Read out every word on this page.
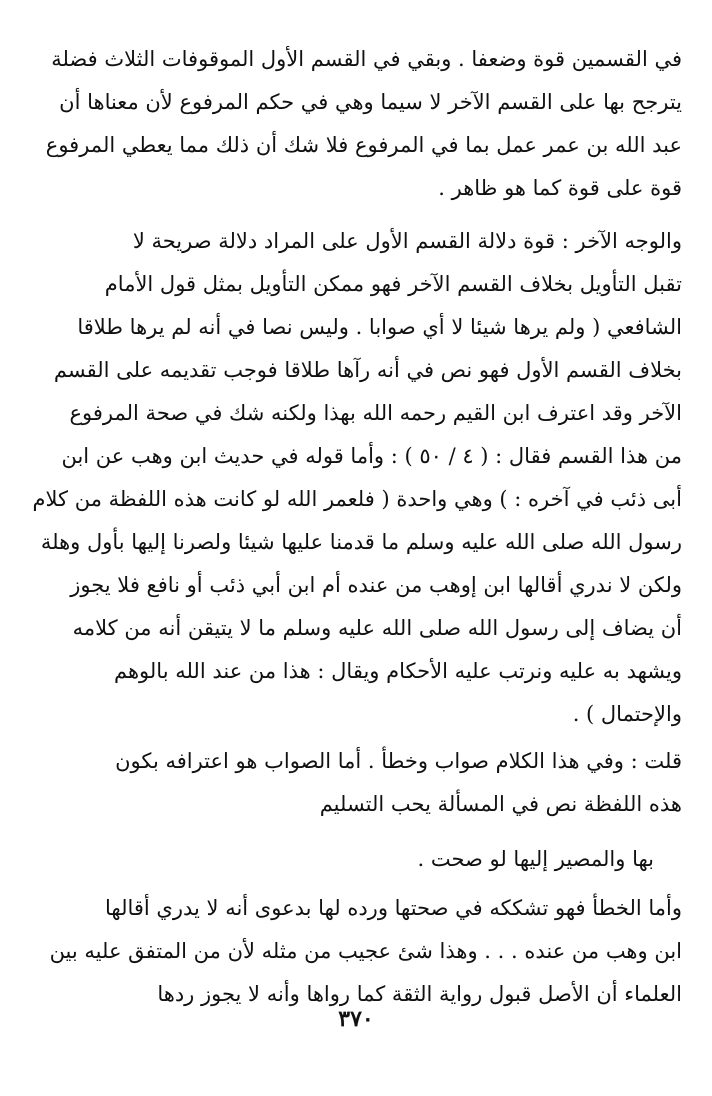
في القسمين قوة وضعفا . وبقي في القسم الأول الموقوفات الثلاث فضلة
يترجح بها على القسم الآخر لا سيما وهي في حكم المرفوع لأن معناها أن
عبد الله بن عمر عمل بما في المرفوع فلا شك أن ذلك مما يعطي المرفوع
قوة على قوة كما هو ظاهر .
والوجه الآخر : قوة دلالة القسم الأول على المراد دلالة صريحة لا
تقبل التأويل بخلاف القسم الآخر فهو ممكن التأويل بمثل قول الأمام
الشافعي ( ولم يرها شيئا لا أي صوابا . وليس نصا في أنه لم يرها طلاقا
بخلاف القسم الأول فهو نص في أنه رآها طلاقا فوجب تقديمه على القسم
الآخر وقد اعترف ابن القيم رحمه الله بهذا ولكنه شك في صحة المرفوع
من هذا القسم فقال : ( ٤ / ٥٠ ) : وأما قوله في حديث ابن وهب عن ابن
أبى ذئب في آخره : ) وهي واحدة ( فلعمر الله لو كانت هذه اللفظة من كلام
رسول الله صلى الله عليه وسلم ما قدمنا عليها شيئا ولصرنا إليها بأول وهلة
ولكن لا ندري أقالها ابن إوهب من عنده أم ابن أبي ذئب أو نافع فلا يجوز
أن يضاف إلى رسول الله صلى الله عليه وسلم ما لا يتيقن أنه من كلامه
ويشهد به عليه ونرتب عليه الأحكام ويقال : هذا من عند الله بالوهم
والإحتمال ) .
قلت : وفي هذا الكلام صواب وخطأ . أما الصواب هو اعترافه بكون
هذه اللفظة نص في المسألة يحب التسليم
بها والمصير إليها لو صحت .
وأما الخطأ فهو تشككه في صحتها ورده لها بدعوى أنه لا يدري أقالها
ابن وهب من عنده . . . وهذا شئ عجيب من مثله لأن من المتفق عليه بين
العلماء أن الأصل قبول رواية الثقة كما رواها وأنه لا يجوز ردها
٣٧٠
